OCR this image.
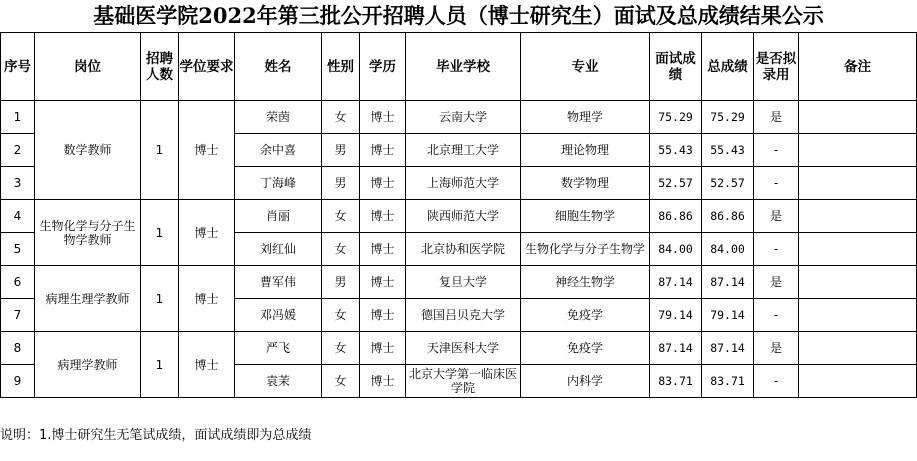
基础医学院2022年第三批公开招聘人员（博士研究生）面试及总成绩结果公示
序号	岗位	招聘人数	学位要求	姓名	性别	学历	毕业学校	专业	面试成绩	总成绩	是否拟录用	备注
1	数学教师	1	博士	荣茵	女	博士	云南大学	物理学	75.29	75.29	是	
2				余中喜	男	博士	北京理工大学	理论物理	55.43	55.43	-	
3				丁海峰	男	博士	上海师范大学	数学物理	52.57	52.57	-	
4	生物化学与分子生物学教师	1	博士	肖丽	女	博士	陕西师范大学	细胞生物学	86.86	86.86	是	
5				刘红仙	女	博士	北京协和医学院	生物化学与分子生物学	84.00	84.00	-	
6	病理生理学教师	1	博士	曹军伟	男	博士	复旦大学	神经生物学	87.14	87.14	是	
7				邓冯媛	女	博士	德国吕贝克大学	免疫学	79.14	79.14	-	
8	病理学教师	1	博士	严飞	女	博士	天津医科大学	免疫学	87.14	87.14	是	
9				袁茉	女	博士	北京大学第一临床医学院	内科学	83.71	83.71	-	
说明：1.博士研究生无笔试成绩，面试成绩即为总成绩
